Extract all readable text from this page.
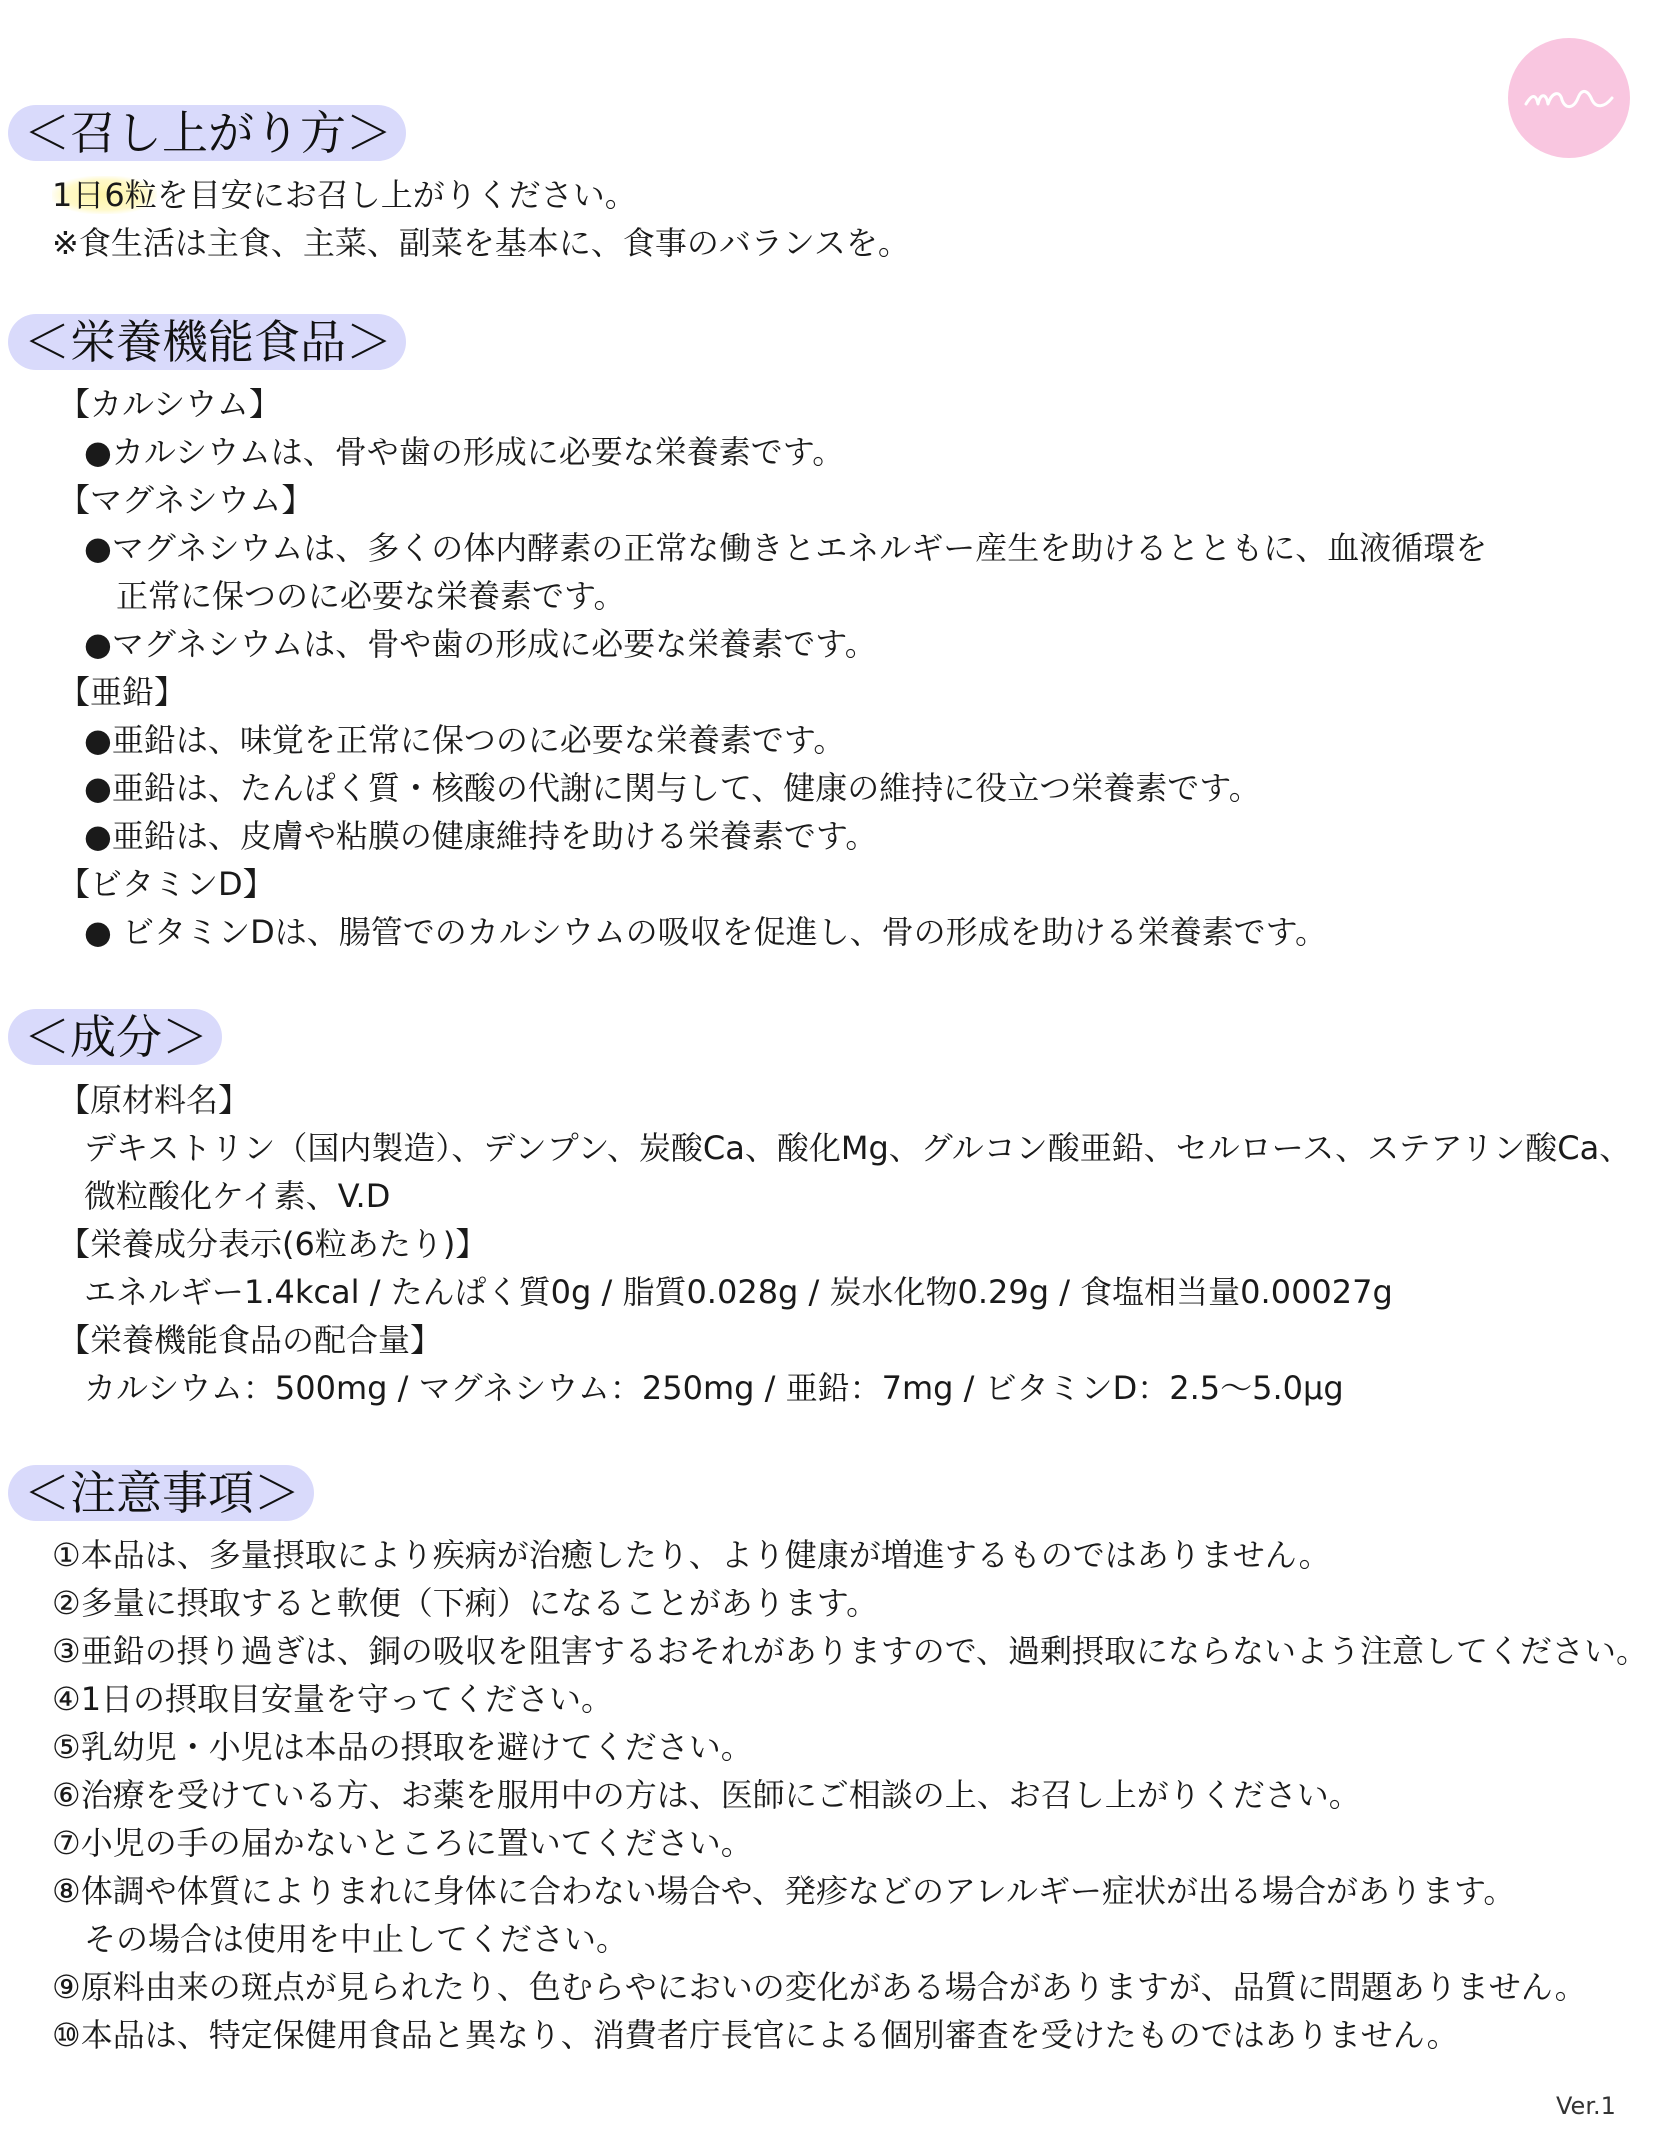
＜召し上がり方＞
1日6粒を目安にお召し上がりください。
※食生活は主食、主菜、副菜を基本に、食事のバランスを。
＜栄養機能食品＞
【カルシウム】
●カルシウムは、骨や歯の形成に必要な栄養素です。
【マグネシウム】
●マグネシウムは、多くの体内酵素の正常な働きとエネルギー産生を助けるとともに、血液循環を
正常に保つのに必要な栄養素です。
●マグネシウムは、骨や歯の形成に必要な栄養素です。
【亜鉛】
●亜鉛は、味覚を正常に保つのに必要な栄養素です。
●亜鉛は、たんぱく質・核酸の代謝に関与して、健康の維持に役立つ栄養素です。
●亜鉛は、皮膚や粘膜の健康維持を助ける栄養素です。
【ビタミンD】
● ビタミンDは、腸管でのカルシウムの吸収を促進し、骨の形成を助ける栄養素です。
＜成分＞
【原材料名】
デキストリン（国内製造）、デンプン、炭酸Ca、酸化Mg、グルコン酸亜鉛、セルロース、ステアリン酸Ca、
微粒酸化ケイ素、V.D
【栄養成分表示(6粒あたり)】
エネルギー1.4kcal / たんぱく質0g / 脂質0.028g / 炭水化物0.29g / 食塩相当量0.00027g
【栄養機能食品の配合量】
カルシウム：500mg / マグネシウム：250mg / 亜鉛：7mg / ビタミンD：2.5〜5.0μg
＜注意事項＞
①本品は、多量摂取により疾病が治癒したり、より健康が増進するものではありません。
②多量に摂取すると軟便（下痢）になることがあります。
③亜鉛の摂り過ぎは、銅の吸収を阻害するおそれがありますので、過剰摂取にならないよう注意してください。
④1日の摂取目安量を守ってください。
⑤乳幼児・小児は本品の摂取を避けてください。
⑥治療を受けている方、お薬を服用中の方は、医師にご相談の上、お召し上がりください。
⑦小児の手の届かないところに置いてください。
⑧体調や体質によりまれに身体に合わない場合や、発疹などのアレルギー症状が出る場合があります。
その場合は使用を中止してください。
⑨原料由来の斑点が見られたり、色むらやにおいの変化がある場合がありますが、品質に問題ありません。
⑩本品は、特定保健用食品と異なり、消費者庁長官による個別審査を受けたものではありません。
Ver.1
